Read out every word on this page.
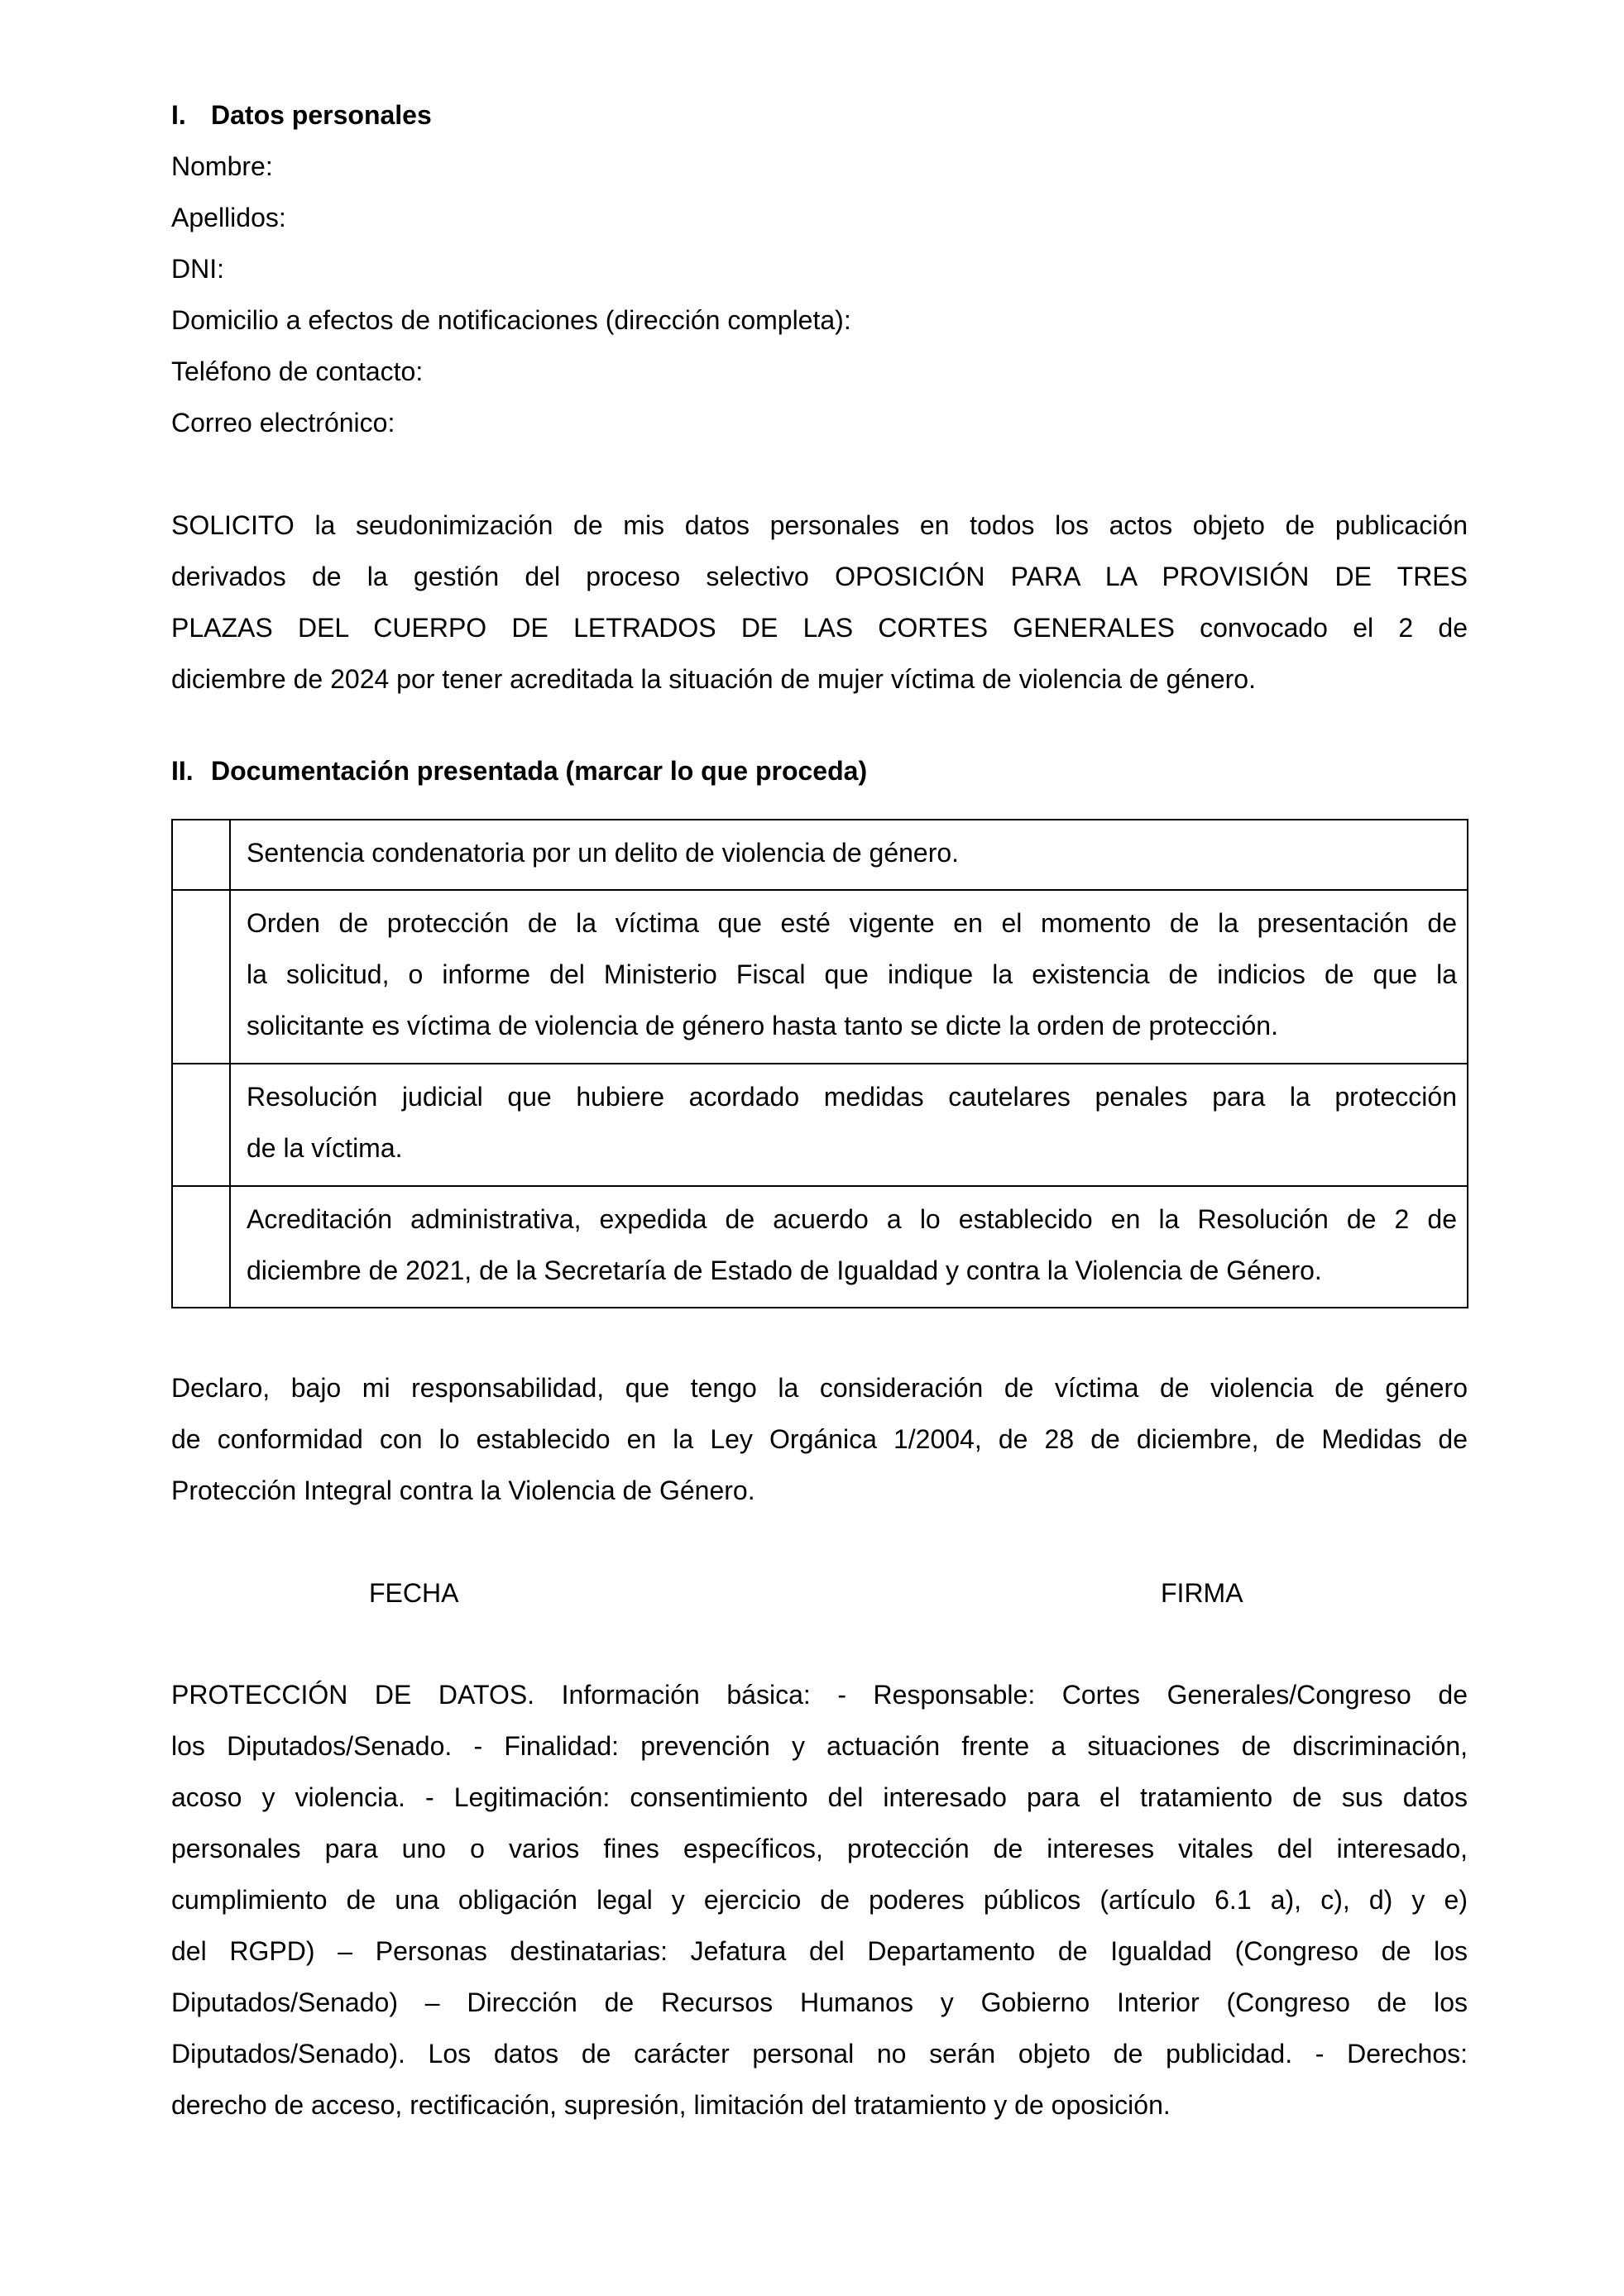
I. Datos personales
Nombre:
Apellidos:
DNI:
Domicilio a efectos de notificaciones (dirección completa):
Teléfono de contacto:
Correo electrónico:
SOLICITO la seudonimización de mis datos personales en todos los actos objeto de publicación
derivados de la gestión del proceso selectivo OPOSICIÓN PARA LA PROVISIÓN DE TRES
PLAZAS DEL CUERPO DE LETRADOS DE LAS CORTES GENERALES convocado el 2 de
diciembre de 2024 por tener acreditada la situación de mujer víctima de violencia de género.
II. Documentación presentada (marcar lo que proceda)

	Sentencia condenatoria por un delito de violencia de género.

	Orden de protección de la víctima que esté vigente en el momento de la presentación de
la solicitud, o informe del Ministerio Fiscal que indique la existencia de indicios de que la
solicitante es víctima de violencia de género hasta tanto se dicte la orden de protección.

	Resolución judicial que hubiere acordado medidas cautelares penales para la protección
de la víctima.

	Acreditación administrativa, expedida de acuerdo a lo establecido en la Resolución de 2 de
diciembre de 2021, de la Secretaría de Estado de Igualdad y contra la Violencia de Género.
Declaro, bajo mi responsabilidad, que tengo la consideración de víctima de violencia de género
de conformidad con lo establecido en la Ley Orgánica 1/2004, de 28 de diciembre, de Medidas de
Protección Integral contra la Violencia de Género.
FECHA	FIRMA
PROTECCIÓN DE DATOS. Información básica: - Responsable: Cortes Generales/Congreso de
los Diputados/Senado. - Finalidad: prevención y actuación frente a situaciones de discriminación,
acoso y violencia. - Legitimación: consentimiento del interesado para el tratamiento de sus datos
personales para uno o varios fines específicos, protección de intereses vitales del interesado,
cumplimiento de una obligación legal y ejercicio de poderes públicos (artículo 6.1 a), c), d) y e)
del RGPD) – Personas destinatarias: Jefatura del Departamento de Igualdad (Congreso de los
Diputados/Senado) – Dirección de Recursos Humanos y Gobierno Interior (Congreso de los
Diputados/Senado). Los datos de carácter personal no serán objeto de publicidad. - Derechos:
derecho de acceso, rectificación, supresión, limitación del tratamiento y de oposición.
